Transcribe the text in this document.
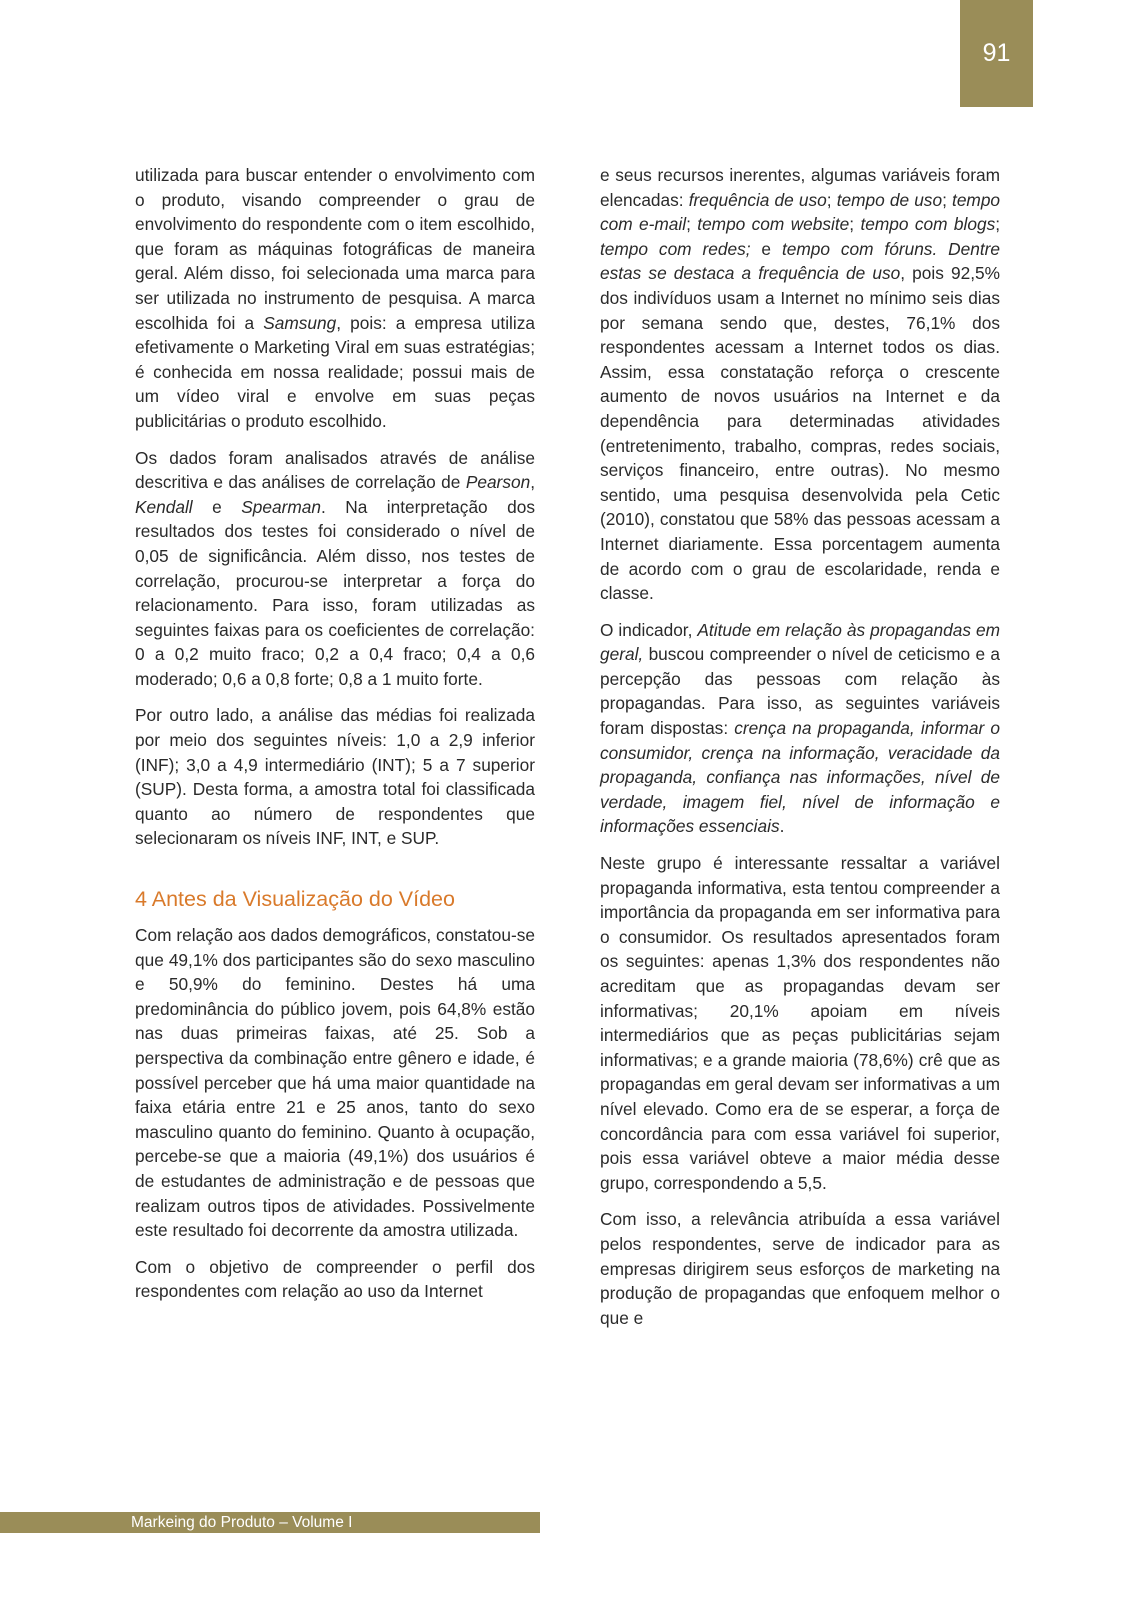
91

utilizada para buscar entender o envolvimento com o produto, visando compreender o grau de envolvimento do respondente com o item escolhido, que foram as máquinas fotográficas de maneira geral. Além disso, foi selecionada uma marca para ser utilizada no instrumento de pesquisa. A marca escolhida foi a Samsung, pois: a empresa utiliza efetivamente o Marketing Viral em suas estratégias; é conhecida em nossa realidade; possui mais de um vídeo viral e envolve em suas peças publicitárias o produto escolhido.

Os dados foram analisados através de análise descritiva e das análises de correlação de Pearson, Kendall e Spearman. Na interpretação dos resultados dos testes foi considerado o nível de 0,05 de significância. Além disso, nos testes de correlação, procurou-se interpretar a força do relacionamento. Para isso, foram utilizadas as seguintes faixas para os coeficientes de correlação: 0 a 0,2 muito fraco; 0,2 a 0,4 fraco; 0,4 a 0,6 moderado; 0,6 a 0,8 forte; 0,8 a 1 muito forte.

Por outro lado, a análise das médias foi realizada por meio dos seguintes níveis: 1,0 a 2,9 inferior (INF); 3,0 a 4,9 intermediário (INT); 5 a 7 superior (SUP). Desta forma, a amostra total foi classificada quanto ao número de respondentes que selecionaram os níveis INF, INT, e SUP.

4 Antes da Visualização do Vídeo

Com relação aos dados demográficos, constatou-se que 49,1% dos participantes são do sexo masculino e 50,9% do feminino. Destes há uma predominância do público jovem, pois 64,8% estão nas duas primeiras faixas, até 25. Sob a perspectiva da combinação entre gênero e idade, é possível perceber que há uma maior quantidade na faixa etária entre 21 e 25 anos, tanto do sexo masculino quanto do feminino. Quanto à ocupação, percebe-se que a maioria (49,1%) dos usuários é de estudantes de administração e de pessoas que realizam outros tipos de atividades. Possivelmente este resultado foi decorrente da amostra utilizada.

Com o objetivo de compreender o perfil dos respondentes com relação ao uso da Internet

e seus recursos inerentes, algumas variáveis foram elencadas: frequência de uso; tempo de uso; tempo com e-mail; tempo com website; tempo com blogs; tempo com redes; e tempo com fóruns. Dentre estas se destaca a frequência de uso, pois 92,5% dos indivíduos usam a Internet no mínimo seis dias por semana sendo que, destes, 76,1% dos respondentes acessam a Internet todos os dias. Assim, essa constatação reforça o crescente aumento de novos usuários na Internet e da dependência para determinadas atividades (entretenimento, trabalho, compras, redes sociais, serviços financeiro, entre outras). No mesmo sentido, uma pesquisa desenvolvida pela Cetic (2010), constatou que 58% das pessoas acessam a Internet diariamente. Essa porcentagem aumenta de acordo com o grau de escolaridade, renda e classe.

O indicador, Atitude em relação às propagandas em geral, buscou compreender o nível de ceticismo e a percepção das pessoas com relação às propagandas. Para isso, as seguintes variáveis foram dispostas: crença na propaganda, informar o consumidor, crença na informação, veracidade da propaganda, confiança nas informações, nível de verdade, imagem fiel, nível de informação e informações essenciais.

Neste grupo é interessante ressaltar a variável propaganda informativa, esta tentou compreender a importância da propaganda em ser informativa para o consumidor. Os resultados apresentados foram os seguintes: apenas 1,3% dos respondentes não acreditam que as propagandas devam ser informativas; 20,1% apoiam em níveis intermediários que as peças publicitárias sejam informativas; e a grande maioria (78,6%) crê que as propagandas em geral devam ser informativas a um nível elevado. Como era de se esperar, a força de concordância para com essa variável foi superior, pois essa variável obteve a maior média desse grupo, correspondendo a 5,5.

Com isso, a relevância atribuída a essa variável pelos respondentes, serve de indicador para as empresas dirigirem seus esforços de marketing na produção de propagandas que enfoquem melhor o que e

Markeing do Produto – Volume I
